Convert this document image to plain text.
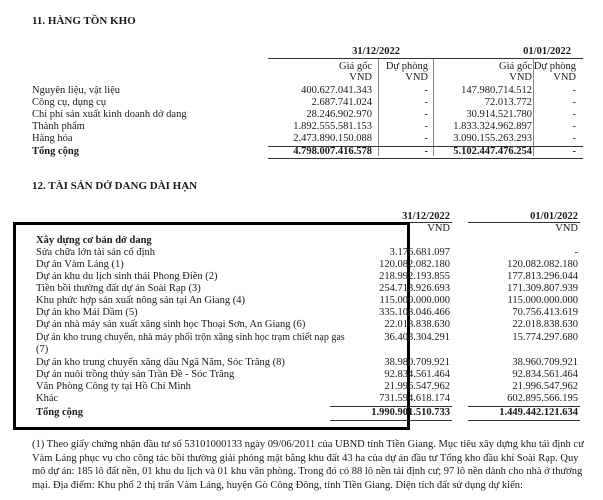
11. HÀNG TỒN KHO
31/12/2022	01/01/2022
Giá gốc	Dự phòng	Giá gốc Dự phòng
VND	VND	VND	VND
Nguyên liệu, vật liệu	400.627.041.343	-	147.980.714.512	-
Công cụ, dụng cụ	2.687.741.024	-	72.013.772	-
Chi phí sản xuất kinh doanh dở dang	28.246.902.970	-	30.914.521.780	-
Thành phẩm	1.892.555.581.153	-	1.833.324.962.897	-
Hàng hóa	2.473.890.150.088	-	3.090.155.263.293	-
Tổng cộng	4.798.007.416.578	-	5.102.447.476.254	-
12. TÀI SẢN DỞ DANG DÀI HẠN
31/12/2022	01/01/2022
VND	VND
Xây dựng cơ bản dở dang
Sửa chữa lớn tài sản cố định	3.176.681.097	-
Dự án Vàm Láng (1)	120.082.082.180	120.082.082.180
Dự án khu du lịch sinh thái Phong Điền (2)	218.992.193.855	177.813.296.044
Tiền bồi thường đất dự án Soài Rạp (3)	254.713.926.693	171.309.807.939
Khu phức hợp sản xuất nông sản tại An Giang (4)	115.000.000.000	115.000.000.000
Dự án kho Mái Dầm (5)	335.108.046.466	70.756.413.619
Dự án nhà máy sản xuất xăng sinh học Thoại Sơn, An Giang (6)	22.018.838.630	22.018.838.630
Dự án kho trung chuyển, nhà máy phối trộn xăng sinh học trạm chiết nạp gas	36.403.304.291	15.774.297.680
(7)
Dự án kho trung chuyển xăng dầu Ngã Năm, Sóc Trăng (8)	38.980.709.921	38.960.709.921
Dự án nuôi trồng thủy sản Trần Đề - Sóc Trăng	92.834.561.464	92.834.561.464
Văn Phòng Công ty tại Hồ Chí Minh	21.996.547.962	21.996.547.962
Khác	731.594.618.174	602.895.566.195
Tổng cộng	1.990.901.510.733	1.449.442.121.634
(1) Theo giấy chứng nhận đầu tư số 53101000133 ngày 09/06/2011 của UBND tỉnh Tiền Giang. Mục tiêu xây dựng khu tái định cư Vàm Láng phục vụ cho công tác bồi thường giải phóng mặt bằng khu đất 43 ha của dự án đầu tư Tổng kho đầu khí Soài Rạp. Quy mô dự án: 185 lô đất nền, 01 khu du lịch và 01 khu văn phòng. Trong đó có 88 lô nền tái định cư; 97 lô nền dành cho nhà ở thương mại. Địa điểm: Khu phố 2 thị trấn Vàm Láng, huyện Gò Công Đông, tỉnh Tiền Giang. Diện tích đất sử dụng dự kiến:
